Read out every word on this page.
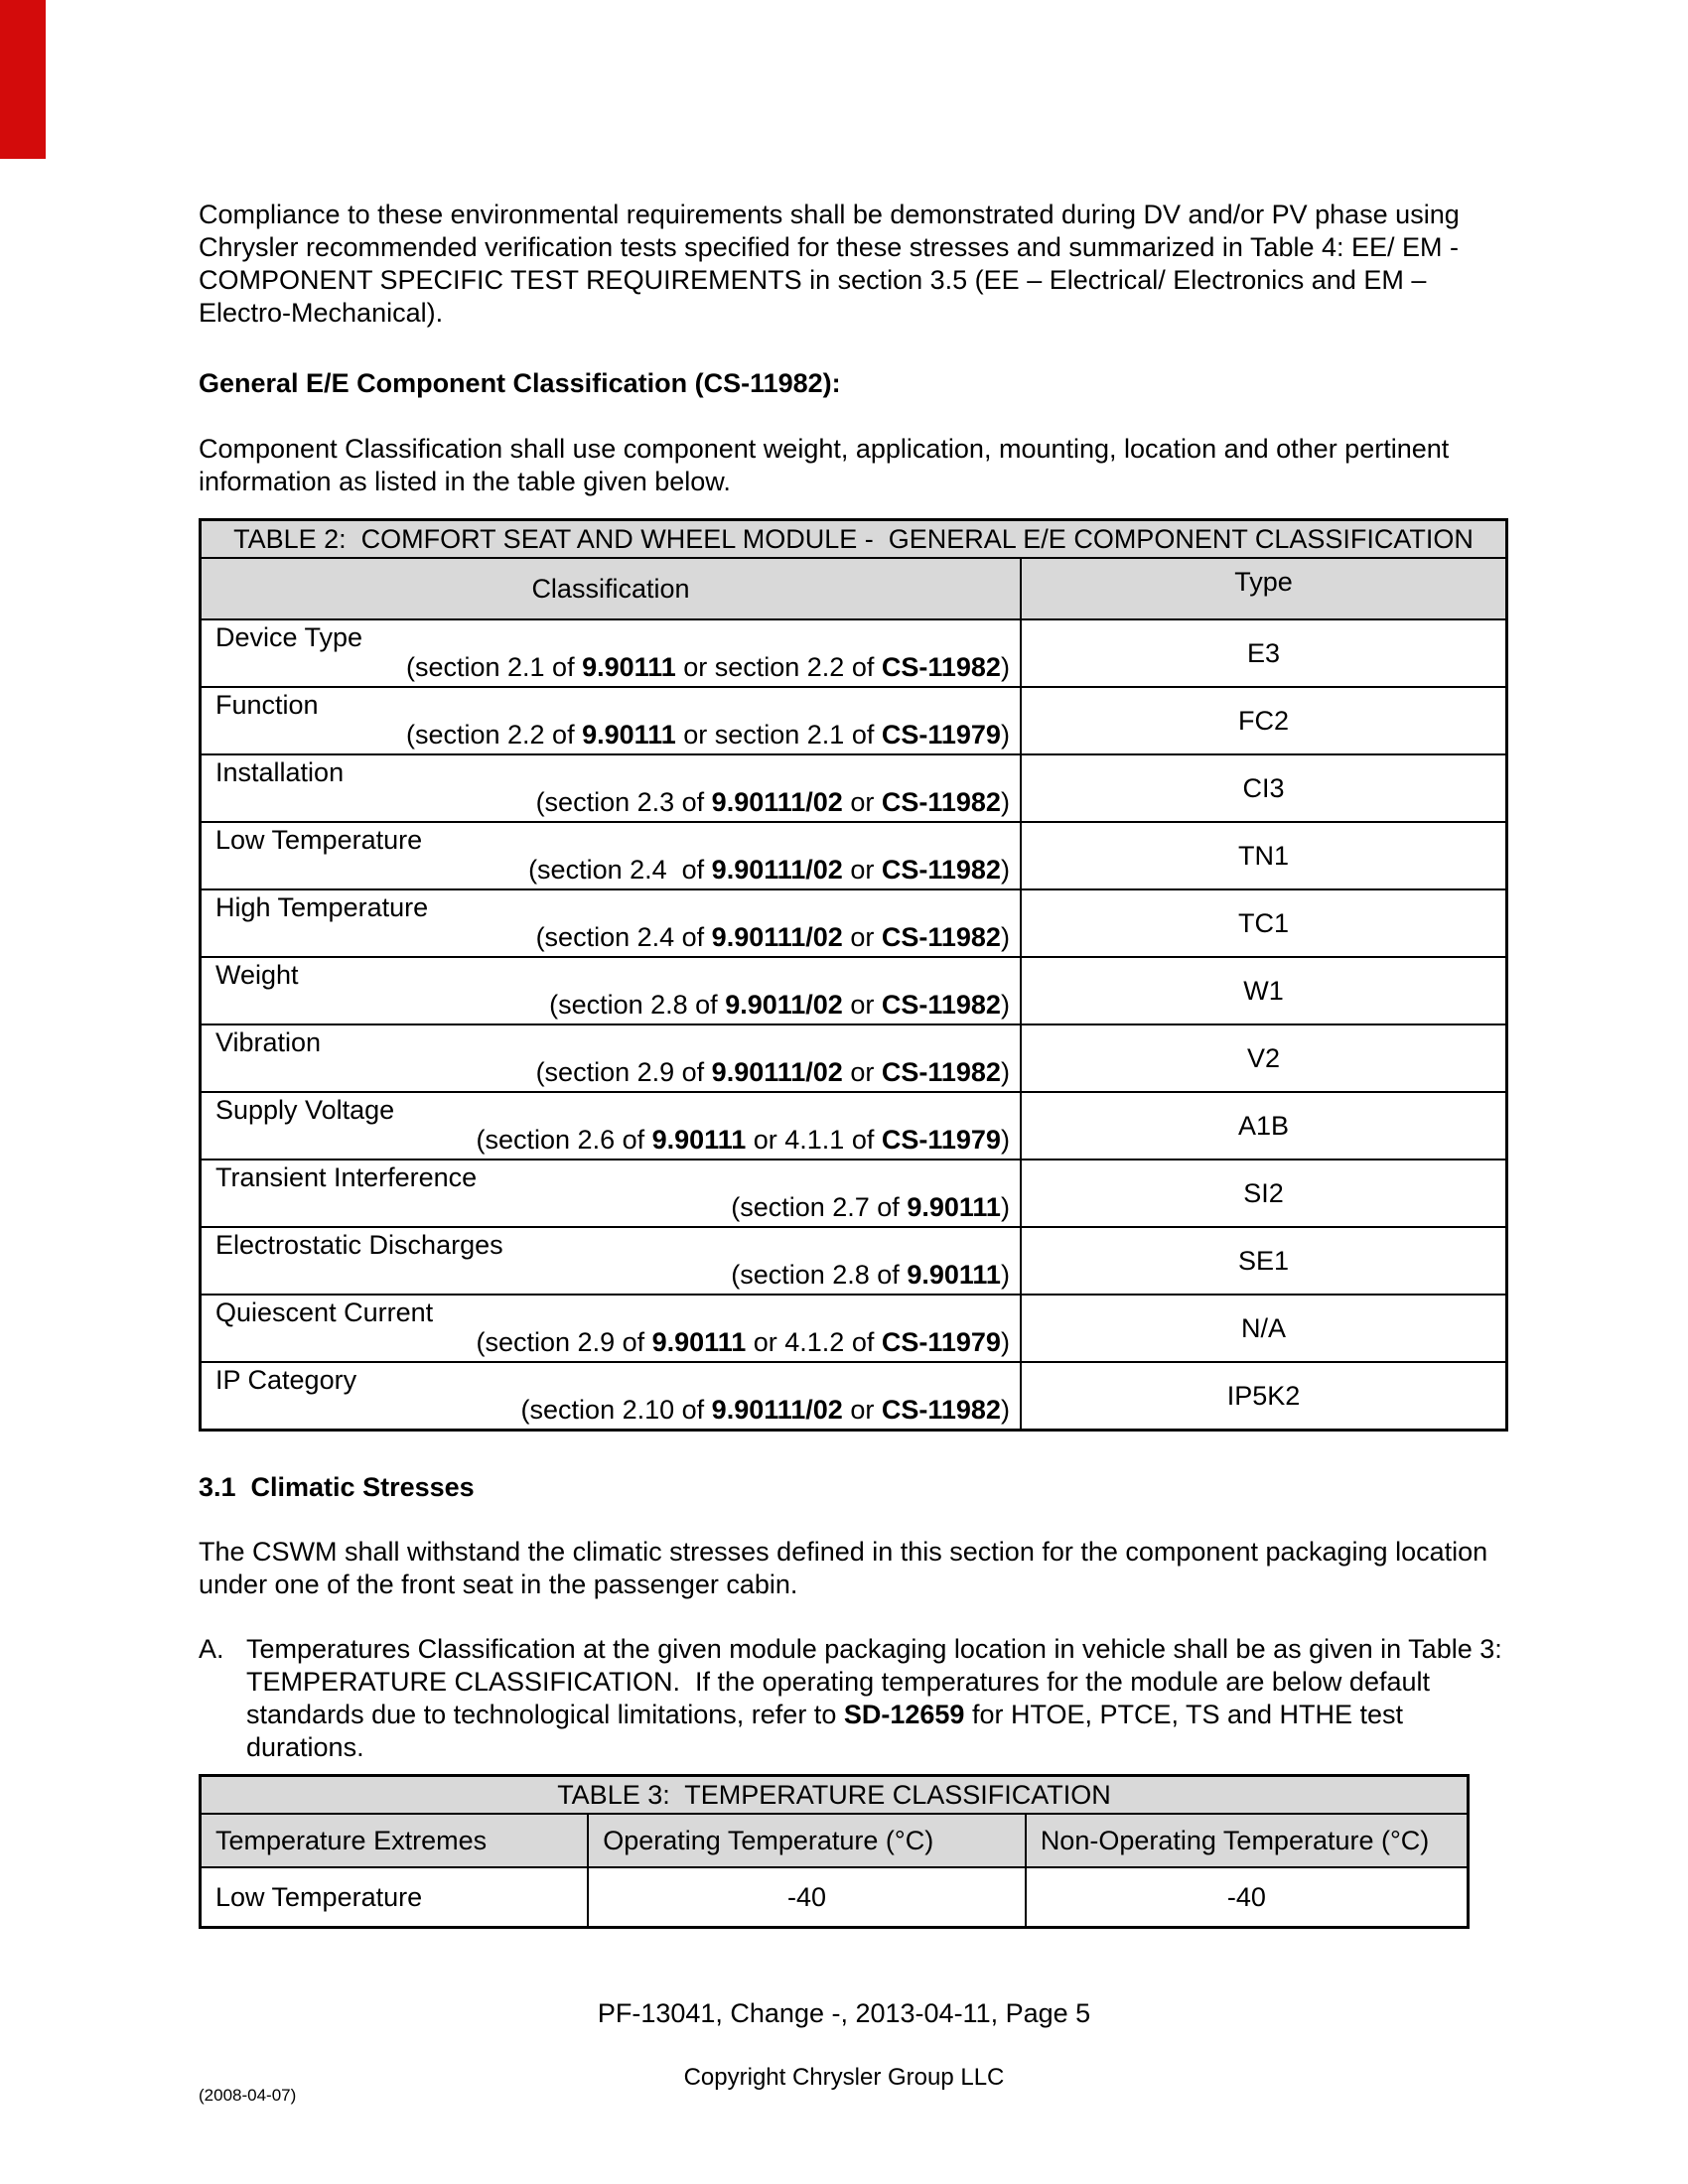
Compliance to these environmental requirements shall be demonstrated during DV and/or PV phase using Chrysler recommended verification tests specified for these stresses and summarized in Table 4: EE/ EM - COMPONENT SPECIFIC TEST REQUIREMENTS in section 3.5 (EE – Electrical/ Electronics and EM – Electro-Mechanical).

General E/E Component Classification (CS-11982):

Component Classification shall use component weight, application, mounting, location and other pertinent information as listed in the table given below.

TABLE 2:  COMFORT SEAT AND WHEEL MODULE -  GENERAL E/E COMPONENT CLASSIFICATION	
Classification	Type

Device Type
(section 2.1 of 9.90111 or section 2.2 of CS-11982)	E3

Function
(section 2.2 of 9.90111 or section 2.1 of CS-11979)	FC2

Installation
(section 2.3 of 9.90111/02 or CS-11982)	CI3

Low Temperature
(section 2.4  of 9.90111/02 or CS-11982)	TN1

High Temperature
(section 2.4 of 9.90111/02 or CS-11982)	TC1

Weight
(section 2.8 of 9.9011/02 or CS-11982)	W1

Vibration
(section 2.9 of 9.90111/02 or CS-11982)	V2

Supply Voltage
(section 2.6 of 9.90111 or 4.1.1 of CS-11979)	A1B

Transient Interference
(section 2.7 of 9.90111)	SI2

Electrostatic Discharges
(section 2.8 of 9.90111)	SE1

Quiescent Current
(section 2.9 of 9.90111 or 4.1.2 of CS-11979)	N/A

IP Category
(section 2.10 of 9.90111/02 or CS-11982)	IP5K2

3.1  Climatic Stresses

The CSWM shall withstand the climatic stresses defined in this section for the component packaging location under one of the front seat in the passenger cabin.

A. Temperatures Classification at the given module packaging location in vehicle shall be as given in Table 3: TEMPERATURE CLASSIFICATION.  If the operating temperatures for the module are below default standards due to technological limitations, refer to SD-12659 for HTOE, PTCE, TS and HTHE test durations.
TABLE 3:  TEMPERATURE CLASSIFICATION		
Temperature Extremes	Operating Temperature (°C)	Non-Operating Temperature (°C)
Low Temperature	-40	-40
PF-13041, Change -, 2013-04-11, Page 5
Copyright Chrysler Group LLC
(2008-04-07)
